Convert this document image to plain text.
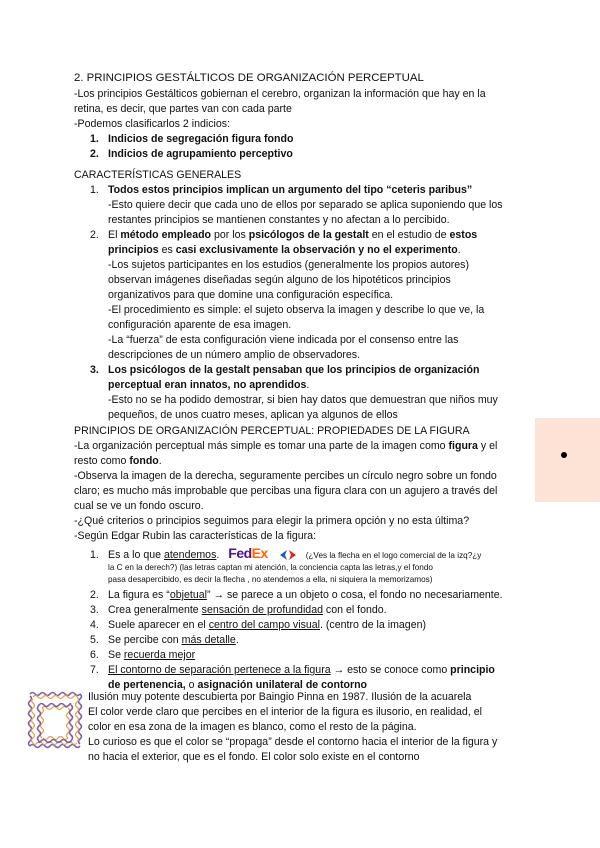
2. PRINCIPIOS GESTÁLTICOS DE ORGANIZACIÓN PERCEPTUAL
-Los principios Gestálticos gobiernan el cerebro, organizan la información que hay en la
retina, es decir, que partes van con cada parte
-Podemos clasificarlos 2 indicios:
1. Indicios de segregación figura fondo
2. Indicios de agrupamiento perceptivo
CARACTERÍSTICAS GENERALES
1. Todos estos principios implican un argumento del tipo “ceteris paribus”
-Esto quiere decir que cada uno de ellos por separado se aplica suponiendo que los
restantes principios se mantienen constantes y no afectan a lo percibido.
2. El método empleado por los psicólogos de la gestalt en el estudio de estos
principios es casi exclusivamente la observación y no el experimento.
-Los sujetos participantes en los estudios (generalmente los propios autores)
observan imágenes diseñadas según alguno de los hipotéticos principios
organizativos para que domine una configuración específica.
-El procedimiento es simple: el sujeto observa la imagen y describe lo que ve, la
configuración aparente de esa imagen.
-La “fuerza” de esta configuración viene indicada por el consenso entre las
descripciones de un número amplio de observadores.
3. Los psicólogos de la gestalt pensaban que los principios de organización
perceptual eran innatos, no aprendidos.
-Esto no se ha podido demostrar, si bien hay datos que demuestran que niños muy
pequeños, de unos cuatro meses, aplican ya algunos de ellos
PRINCIPIOS DE ORGANIZACIÓN PERCEPTUAL: PROPIEDADES DE LA FIGURA
-La organización perceptual más simple es tomar una parte de la imagen como figura y el
resto como fondo.
-Observa la imagen de la derecha, seguramente percibes un círculo negro sobre un fondo
claro; es mucho más improbable que percibas una figura clara con un agujero a través del
cual se ve un fondo oscuro.
-¿Qué criterios o principios seguimos para elegir la primera opción y no esta última?
-Según Edgar Rubin las características de la figura:
1. Es a lo que atendemos. FedEx	(¿Ves la flecha en el logo comercial de la izq?¿y
la C en la derech?) (las letras captan mi atención, la conciencia capta las letras,y el fondo
pasa desapercibido, es decir la flecha , no atendemos a ella, ni siquiera la memorizamos)
2. La figura es “objetual” → se parece a un objeto o cosa, el fondo no necesariamente.
3. Crea generalmente sensación de profundidad con el fondo.
4. Suele aparecer en el centro del campo visual. (centro de la imagen)
5. Se percibe con más detalle.
6. Se recuerda mejor
7. El contorno de separación pertenece a la figura → esto se conoce como principio
de pertenencia, o asignación unilateral de contorno
Ilusión muy potente descubierta por Baingio Pinna en 1987. Ilusión de la acuarela
El color verde claro que percibes en el interior de la figura es ilusorio, en realidad, el
color en esa zona de la imagen es blanco, como el resto de la página.
Lo curioso es que el color se “propaga” desde el contorno hacia el interior de la figura y
no hacia el exterior, que es el fondo. El color solo existe en el contorno
